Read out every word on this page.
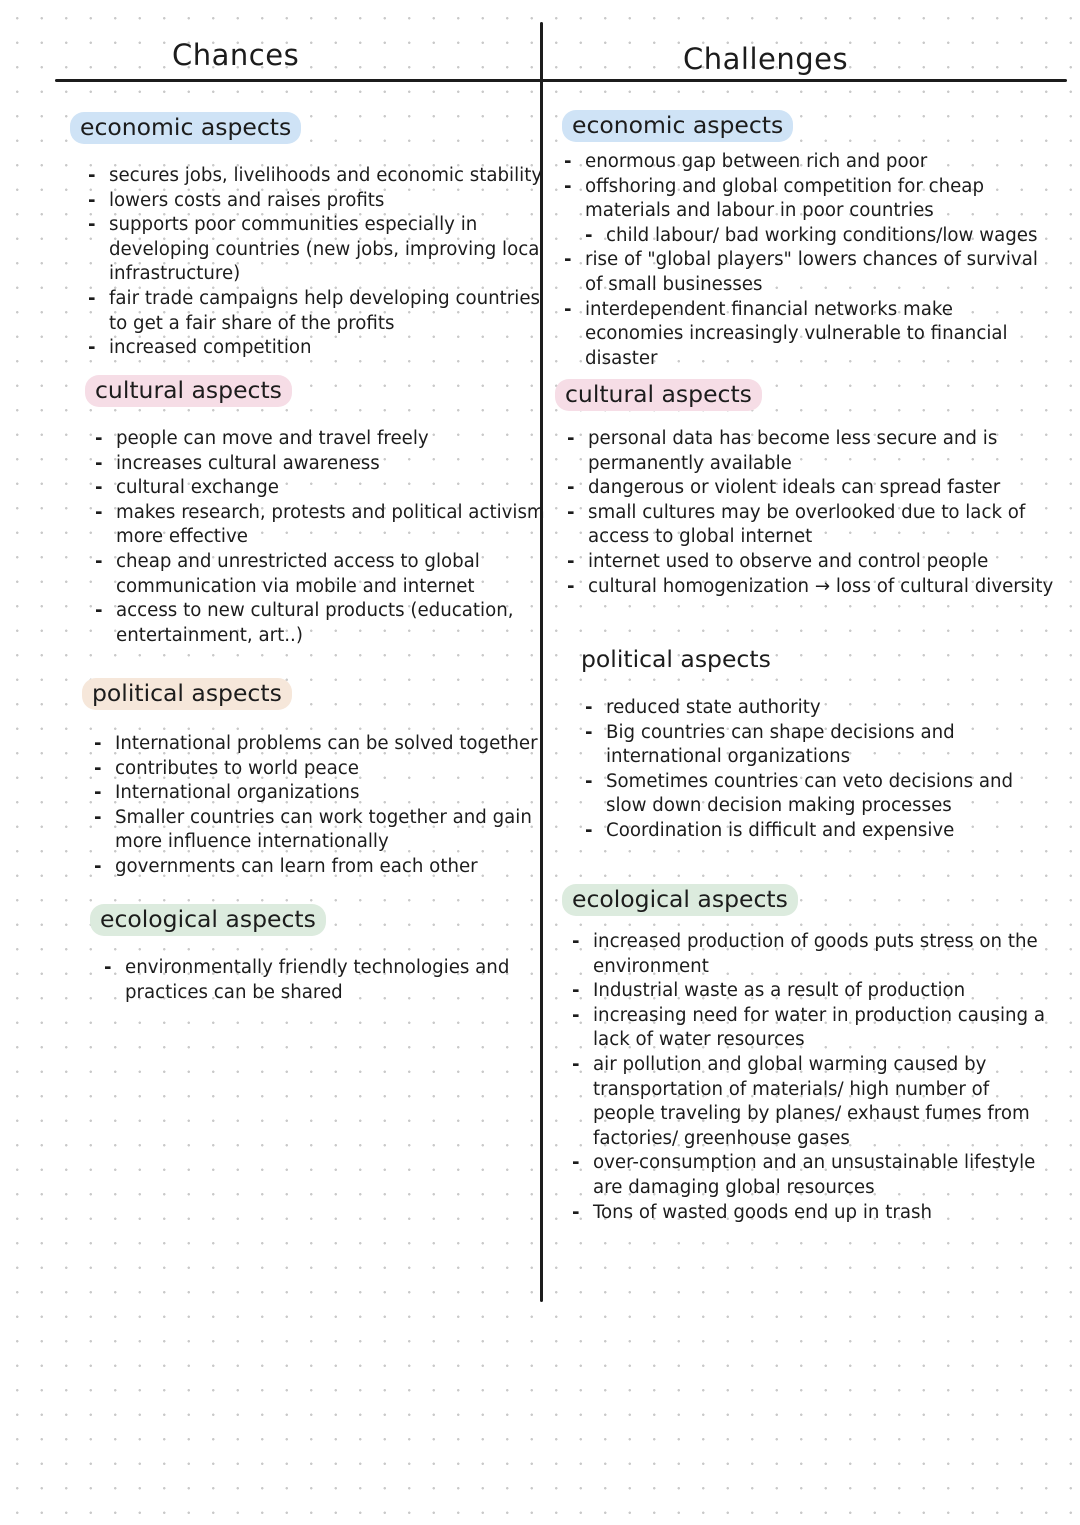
Chances	Challenges
economic aspects
- secures jobs, livelihoods and economic stability
- lowers costs and raises profits
- supports poor communities especially in
developing countries (new jobs, improving local
infrastructure)
- fair trade campaigns help developing countries
to get a fair share of the profits
- increased competition
cultural aspects
- people can move and travel freely
- increases cultural awareness
- cultural exchange
- makes research, protests and political activism
more effective
- cheap and unrestricted access to global
communication via mobile and internet
- access to new cultural products (education,
entertainment, art..)
political aspects
- International problems can be solved together
- contributes to world peace
- International organizations
- Smaller countries can work together and gain
more influence internationally
- governments can learn from each other
ecological aspects
- environmentally friendly technologies and
practices can be shared
economic aspects
- enormous gap between rich and poor
- offshoring and global competition for cheap
materials and labour in poor countries
- child labour/ bad working conditions/low wages
- rise of "global players" lowers chances of survival
of small businesses
- interdependent financial networks make
economies increasingly vulnerable to financial
disaster
cultural aspects
- personal data has become less secure and is
permanently available
- dangerous or violent ideals can spread faster
- small cultures may be overlooked due to lack of
access to global internet
- internet used to observe and control people
- cultural homogenization → loss of cultural diversity
political aspects
- reduced state authority
- Big countries can shape decisions and
international organizations
- Sometimes countries can veto decisions and
slow down decision making processes
- Coordination is difficult and expensive
ecological aspects
- increased production of goods puts stress on the
environment
- Industrial waste as a result of production
- increasing need for water in production causing a
lack of water resources
- air pollution and global warming caused by
transportation of materials/ high number of
people traveling by planes/ exhaust fumes from
factories/ greenhouse gases
- over-consumption and an unsustainable lifestyle
are damaging global resources
- Tons of wasted goods end up in trash
